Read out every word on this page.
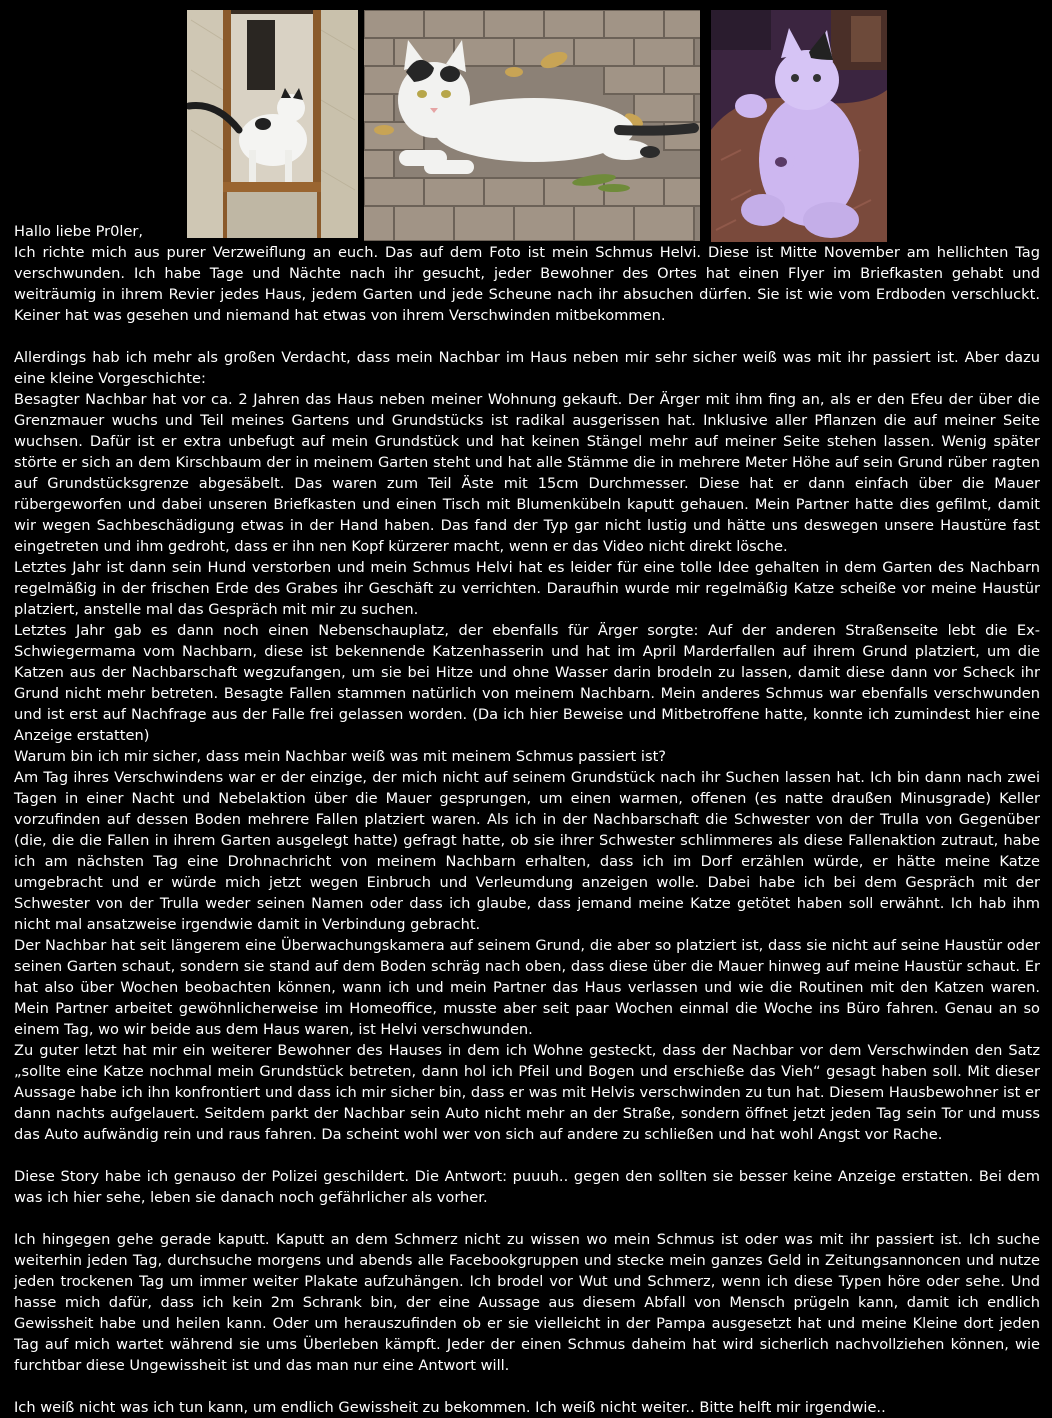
Hallo liebe Pr0ler,

Ich richte mich aus purer Verzweiflung an euch. Das auf dem Foto ist mein Schmus Helvi. Diese ist Mitte November am hellichten Tag verschwunden. Ich habe Tage und Nächte nach ihr gesucht, jeder Bewohner des Ortes hat einen Flyer im Briefkasten gehabt und weiträumig in ihrem Revier jedes Haus, jedem Garten und jede Scheune nach ihr absuchen dürfen. Sie ist wie vom Erdboden verschluckt. Keiner hat was gesehen und niemand hat etwas von ihrem Verschwinden mitbekommen.

Allerdings hab ich mehr als großen Verdacht, dass mein Nachbar im Haus neben mir sehr sicher weiß was mit ihr passiert ist. Aber dazu eine kleine Vorgeschichte:

Besagter Nachbar hat vor ca. 2 Jahren das Haus neben meiner Wohnung gekauft. Der Ärger mit ihm fing an, als er den Efeu der über die Grenzmauer wuchs und Teil meines Gartens und Grundstücks ist radikal ausgerissen hat. Inklusive aller Pflanzen die auf meiner Seite wuchsen. Dafür ist er extra unbefugt auf mein Grundstück und hat keinen Stängel mehr auf meiner Seite stehen lassen. Wenig später störte er sich an dem Kirschbaum der in meinem Garten steht und hat alle Stämme die in mehrere Meter Höhe auf sein Grund rüber ragten auf Grundstücksgrenze abgesäbelt. Das waren zum Teil Äste mit 15cm Durchmesser. Diese hat er dann einfach über die Mauer rübergeworfen und dabei unseren Briefkasten und einen Tisch mit Blumenkübeln kaputt gehauen. Mein Partner hatte dies gefilmt, damit wir wegen Sachbeschädigung etwas in der Hand haben. Das fand der Typ gar nicht lustig und hätte uns deswegen unsere Haustüre fast eingetreten und ihm gedroht, dass er ihn nen Kopf kürzerer macht, wenn er das Video nicht direkt lösche.

Letztes Jahr ist dann sein Hund verstorben und mein Schmus Helvi hat es leider für eine tolle Idee gehalten in dem Garten des Nachbarn regelmäßig in der frischen Erde des Grabes ihr Geschäft zu verrichten. Daraufhin wurde mir regelmäßig Katze scheiße vor meine Haustür platziert, anstelle mal das Gespräch mit mir zu suchen.

Letztes Jahr gab es dann noch einen Nebenschauplatz, der ebenfalls für Ärger sorgte: Auf der anderen Straßenseite lebt die Ex-Schwiegermama vom Nachbarn, diese ist bekennende Katzenhasserin und hat im April Marderfallen auf ihrem Grund platziert, um die Katzen aus der Nachbarschaft wegzufangen, um sie bei Hitze und ohne Wasser darin brodeln zu lassen, damit diese dann vor Scheck ihr Grund nicht mehr betreten. Besagte Fallen stammen natürlich von meinem Nachbarn. Mein anderes Schmus war ebenfalls verschwunden und ist erst auf Nachfrage aus der Falle frei gelassen worden. (Da ich hier Beweise und Mitbetroffene hatte, konnte ich zumindest hier eine Anzeige erstatten)

Warum bin ich mir sicher, dass mein Nachbar weiß was mit meinem Schmus passiert ist?

Am Tag ihres Verschwindens war er der einzige, der mich nicht auf seinem Grundstück nach ihr Suchen lassen hat. Ich bin dann nach zwei Tagen in einer Nacht und Nebelaktion über die Mauer gesprungen, um einen warmen, offenen (es natte draußen Minusgrade) Keller vorzufinden auf dessen Boden mehrere Fallen platziert waren. Als ich in der Nachbarschaft die Schwester von der Trulla von Gegenüber (die, die die Fallen in ihrem Garten ausgelegt hatte) gefragt hatte, ob sie ihrer Schwester schlimmeres als diese Fallenaktion zutraut, habe ich am nächsten Tag eine Drohnachricht von meinem Nachbarn erhalten, dass ich im Dorf erzählen würde, er hätte meine Katze umgebracht und er würde mich jetzt wegen Einbruch und Verleumdung anzeigen wolle. Dabei habe ich bei dem Gespräch mit der Schwester von der Trulla weder seinen Namen oder dass ich glaube, dass jemand meine Katze getötet haben soll erwähnt. Ich hab ihm nicht mal ansatzweise irgendwie damit in Verbindung gebracht.

Der Nachbar hat seit längerem eine Überwachungskamera auf seinem Grund, die aber so platziert ist, dass sie nicht auf seine Haustür oder seinen Garten schaut, sondern sie stand auf dem Boden schräg nach oben, dass diese über die Mauer hinweg auf meine Haustür schaut. Er hat also über Wochen beobachten können, wann ich und mein Partner das Haus verlassen und wie die Routinen mit den Katzen waren. Mein Partner arbeitet gewöhnlicherweise im Homeoffice, musste aber seit paar Wochen einmal die Woche ins Büro fahren. Genau an so einem Tag, wo wir beide aus dem Haus waren, ist Helvi verschwunden.

Zu guter letzt hat mir ein weiterer Bewohner des Hauses in dem ich Wohne gesteckt, dass der Nachbar vor dem Verschwinden den Satz „sollte eine Katze nochmal mein Grundstück betreten, dann hol ich Pfeil und Bogen und erschieße das Vieh“ gesagt haben soll. Mit dieser Aussage habe ich ihn konfrontiert und dass ich mir sicher bin, dass er was mit Helvis verschwinden zu tun hat. Diesem Hausbewohner ist er dann nachts aufgelauert. Seitdem parkt der Nachbar sein Auto nicht mehr an der Straße, sondern öffnet jetzt jeden Tag sein Tor und muss das Auto aufwändig rein und raus fahren. Da scheint wohl wer von sich auf andere zu schließen und hat wohl Angst vor Rache.

Diese Story habe ich genauso der Polizei geschildert. Die Antwort: puuuh.. gegen den sollten sie besser keine Anzeige erstatten. Bei dem was ich hier sehe, leben sie danach noch gefährlicher als vorher.

Ich hingegen gehe gerade kaputt. Kaputt an dem Schmerz nicht zu wissen wo mein Schmus ist oder was mit ihr passiert ist. Ich suche weiterhin jeden Tag, durchsuche morgens und abends alle Facebookgruppen und stecke mein ganzes Geld in Zeitungsannoncen und nutze jeden trockenen Tag um immer weiter Plakate aufzuhängen. Ich brodel vor Wut und Schmerz, wenn ich diese Typen höre oder sehe. Und hasse mich dafür, dass ich kein 2m Schrank bin, der eine Aussage aus diesem Abfall von Mensch prügeln kann, damit ich endlich Gewissheit habe und heilen kann. Oder um herauszufinden ob er sie vielleicht in der Pampa ausgesetzt hat und meine Kleine dort jeden Tag auf mich wartet während sie ums Überleben kämpft. Jeder der einen Schmus daheim hat wird sicherlich nachvollziehen können, wie furchtbar diese Ungewissheit ist und das man nur eine Antwort will.

Ich weiß nicht was ich tun kann, um endlich Gewissheit zu bekommen. Ich weiß nicht weiter.. Bitte helft mir irgendwie..
